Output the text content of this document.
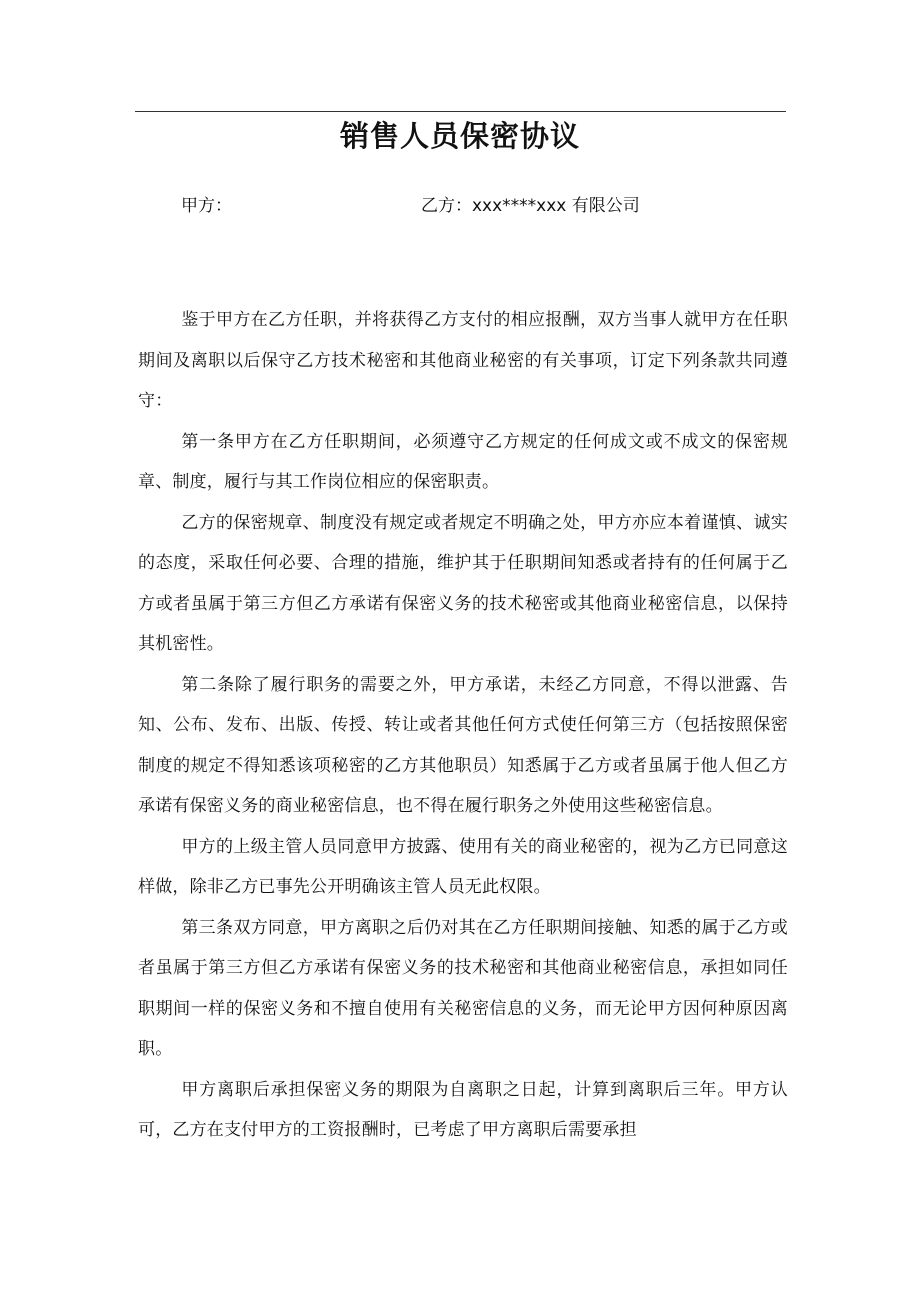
销售人员保密协议
甲方：	乙方：xxx****xxx 有限公司

鉴于甲方在乙方任职，并将获得乙方支付的相应报酬，双方当事人就甲方在任职期间及离职以后保守乙方技术秘密和其他商业秘密的有关事项，订定下列条款共同遵守：

第一条甲方在乙方任职期间，必须遵守乙方规定的任何成文或不成文的保密规章、制度，履行与其工作岗位相应的保密职责。

乙方的保密规章、制度没有规定或者规定不明确之处，甲方亦应本着谨慎、诚实的态度，采取任何必要、合理的措施，维护其于任职期间知悉或者持有的任何属于乙方或者虽属于第三方但乙方承诺有保密义务的技术秘密或其他商业秘密信息，以保持其机密性。

第二条除了履行职务的需要之外，甲方承诺，未经乙方同意，不得以泄露、告知、公布、发布、出版、传授、转让或者其他任何方式使任何第三方（包括按照保密制度的规定不得知悉该项秘密的乙方其他职员）知悉属于乙方或者虽属于他人但乙方承诺有保密义务的商业秘密信息，也不得在履行职务之外使用这些秘密信息。

甲方的上级主管人员同意甲方披露、使用有关的商业秘密的，视为乙方已同意这样做，除非乙方已事先公开明确该主管人员无此权限。

第三条双方同意，甲方离职之后仍对其在乙方任职期间接触、知悉的属于乙方或者虽属于第三方但乙方承诺有保密义务的技术秘密和其他商业秘密信息，承担如同任职期间一样的保密义务和不擅自使用有关秘密信息的义务，而无论甲方因何种原因离职。

甲方离职后承担保密义务的期限为自离职之日起，计算到离职后三年。甲方认可，乙方在支付甲方的工资报酬时，已考虑了甲方离职后需要承担
